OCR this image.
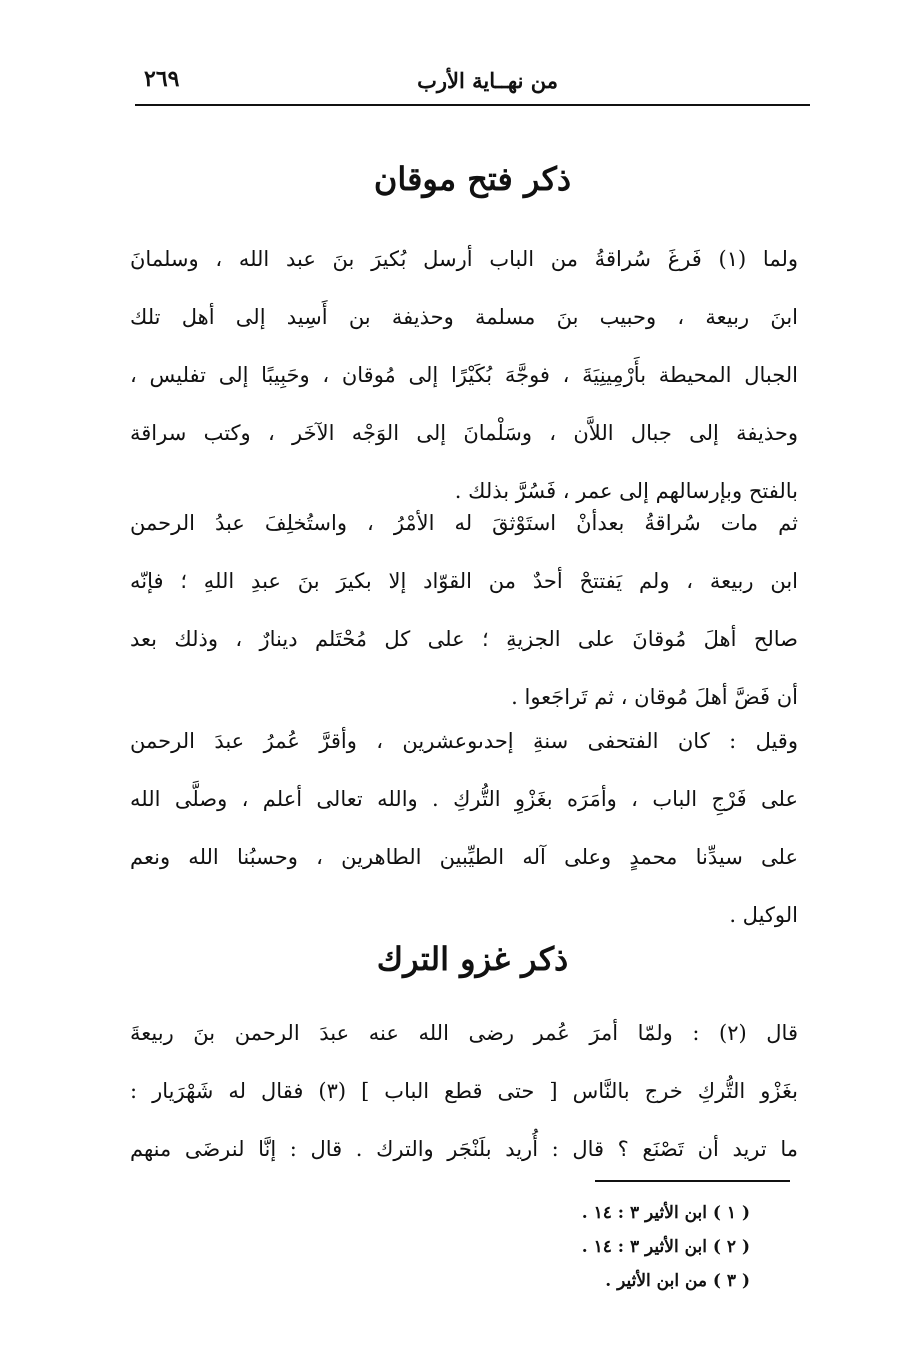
من نهــاية الأرب
٢٦٩
ذكر فتح موقان
ولما (١) فَرغَ سُراقةُ من الباب أرسل بُكيرَ بنَ عبد الله ، وسلمانَ
ابنَ ربيعة ، وحبيب بنَ مسلمة وحذيفة بن أَسِيد إلى أهل تلك
الجبال المحيطة بأَرْمِينِيَةَ ، فوجَّهَ بُكَيْرًا إلى مُوقان ، وحَبِيبًا إلى تفليس ،
وحذيفة إلى جبال اللاَّن ، وسَلْمانَ إلى الوَجْه الآخَر ، وكتب سراقة
بالفتح وبإرسالهم إلى عمر ، فَسُرَّ بذلك .
ثم مات سُراقةُ بعدأنْ استَوْثقَ له الأمْرُ ، واستُخلِفَ عبدُ الرحمن
ابن ربيعة ، ولم يَفتتحْ أحدٌ من القوّاد إلا بكيرَ بنَ عبدِ اللهِ ؛ فإنّه
صالح أهلَ مُوقانَ على الجزيةِ ؛ على كل مُحْتَلم دينارٌ ، وذلك بعد
أن فَضَّ أهلَ مُوقان ، ثم تَراجَعوا .
وقيل : كان الفتحفى سنةِ إحدىوعشرين ، وأقرَّ عُمرُ عبدَ الرحمن
على فَرْجِ الباب ، وأمَرَه بغَزْوِ التُّركِ . والله تعالى أعلم ، وصلَّى الله
على سيدِّنا محمدٍ وعلى آله الطيِّبين الطاهرين ، وحسبُنا الله ونعم
الوكيل .
ذكر غزو الترك
قال (٢) : ولمّا أمرَ عُمر رضى الله عنه عبدَ الرحمن بنَ ربيعةَ
بغَزْو التُّركِ خرج بالنَّاس [ حتى قطع الباب ] (٣) فقال له شَهْرَيار :
ما تريد أن تَصْنَع ؟ قال : أُريد بلَنْجَر والترك . قال : إنَّا لنرضَى منهم
( ١ ) ابن الأثير ٣ : ١٤ .
( ٢ ) ابن الأثير ٣ : ١٤ .
( ٣ ) من ابن الأثير .
